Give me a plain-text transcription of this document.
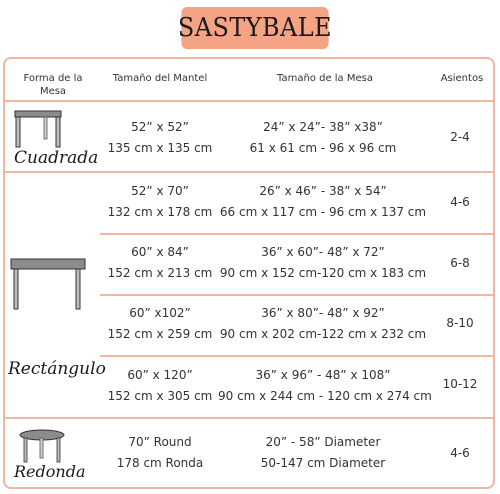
SASTYBALE
Forma de la Mesa
Tamaño del Mantel	Tamaño de la Mesa	Asientos
Cuadrada
Rectángulo
Redonda
52” x 52”
135 cm x 135 cm
24” x 24”- 38” x38”
61 x 61 cm - 96 x 96 cm
2-4
52” x 70”
132 cm x 178 cm
26” x 46” - 38” x 54”
66 cm x 117 cm - 96 cm x 137 cm
4-6
60” x 84”
152 cm x 213 cm
36” x 60”- 48” x 72”
90 cm x 152 cm-120 cm x 183 cm
6-8
60” x102”
152 cm x 259 cm
36” x 80”- 48” x 92”
90 cm x 202 cm-122 cm x 232 cm
8-10
60” x 120”
152 cm x 305 cm
36” x 96” - 48” x 108”
90 cm x 244 cm - 120 cm x 274 cm
10-12
70” Round
178 cm Ronda
20” - 58” Diameter
50-147 cm Diameter
4-6
